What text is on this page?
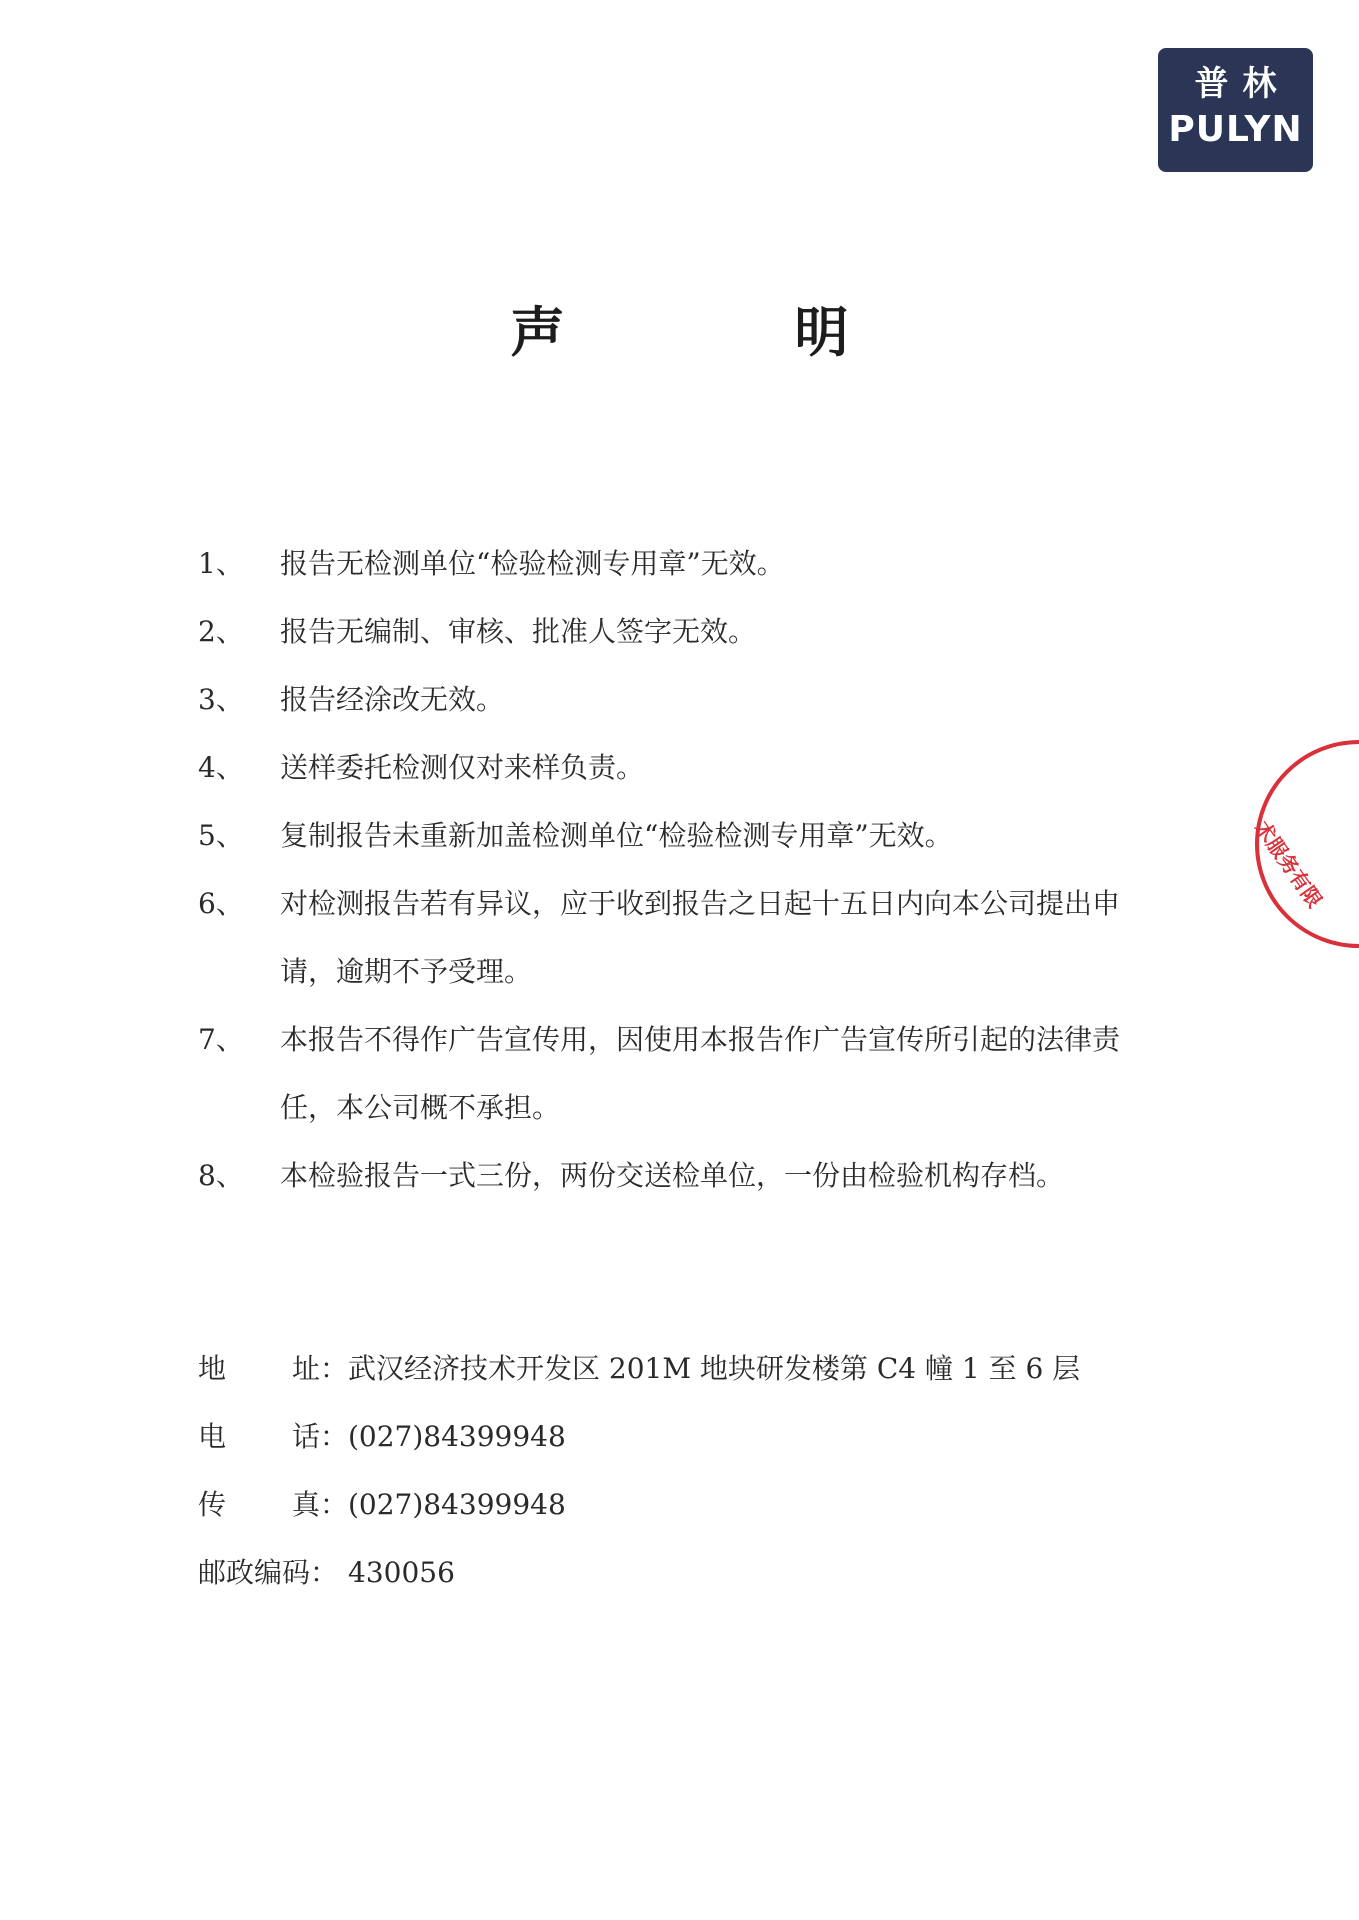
普林
PULYN
声	明
1、	报告无检测单位“检验检测专用章”无效。
2、	报告无编制、审核、批准人签字无效。
3、	报告经涂改无效。
4、	送样委托检测仅对来样负责。
5、	复制报告未重新加盖检测单位“检验检测专用章”无效。
6、	对检测报告若有异议，应于收到报告之日起十五日内向本公司提出申请，逾期不予受理。
7、	本报告不得作广告宣传用，因使用本报告作广告宣传所引起的法律责任，本公司概不承担。
8、	本检验报告一式三份，两份交送检单位，一份由检验机构存档。
地 址： 武汉经济技术开发区 201M 地块研发楼第 C4 幢 1 至 6 层
电 话： (027)84399948
传 真： (027)84399948
邮政编码： 430056
术服务有限
